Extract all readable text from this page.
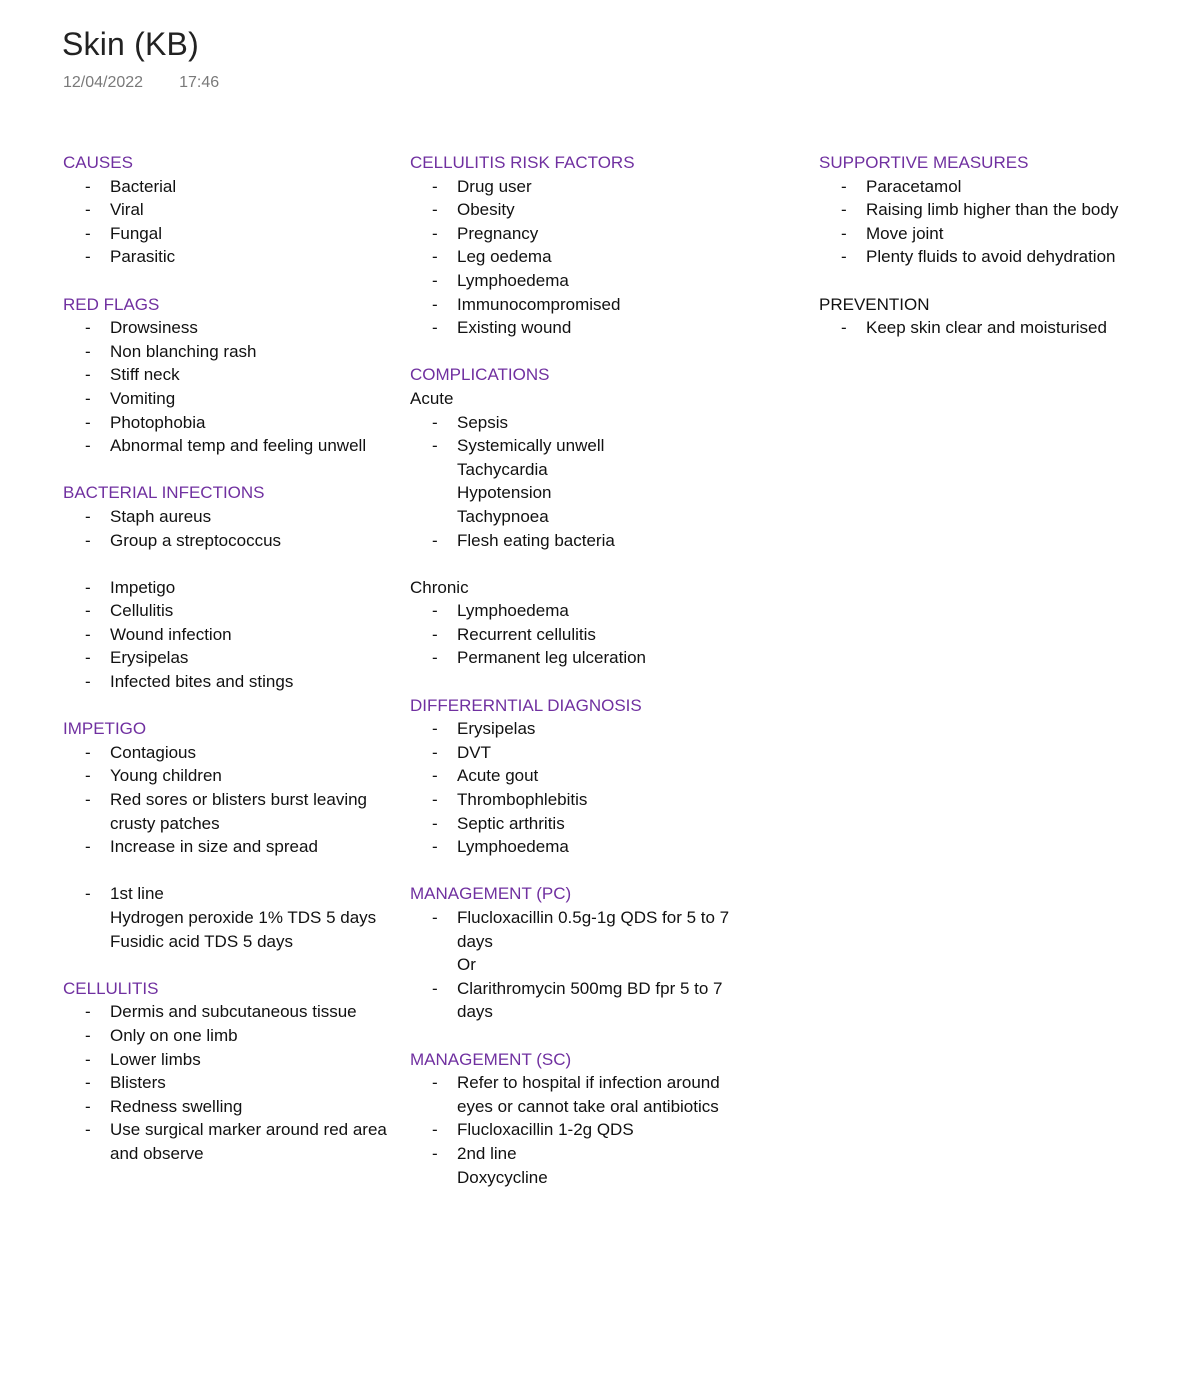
Skin (KB)
12/04/2022 17:46
CAUSES
- Bacterial
- Viral
- Fungal
- Parasitic
RED FLAGS
- Drowsiness
- Non blanching rash
- Stiff neck
- Vomiting
- Photophobia
- Abnormal temp and feeling unwell
BACTERIAL INFECTIONS
- Staph aureus
- Group a streptococcus
- Impetigo
- Cellulitis
- Wound infection
- Erysipelas
- Infected bites and stings
IMPETIGO
- Contagious
- Young children
- Red sores or blisters burst leaving crusty patches
- Increase in size and spread
- 1st line
Hydrogen peroxide 1% TDS 5 days
Fusidic acid TDS 5 days
CELLULITIS
- Dermis and subcutaneous tissue
- Only on one limb
- Lower limbs
- Blisters
- Redness swelling
- Use surgical marker around red area and observe
CELLULITIS RISK FACTORS
- Drug user
- Obesity
- Pregnancy
- Leg oedema
- Lymphoedema
- Immunocompromised
- Existing wound
COMPLICATIONS
Acute
- Sepsis
- Systemically unwell
Tachycardia
Hypotension
Tachypnoea
- Flesh eating bacteria
Chronic
- Lymphoedema
- Recurrent cellulitis
- Permanent leg ulceration
DIFFERERNTIAL DIAGNOSIS
- Erysipelas
- DVT
- Acute gout
- Thrombophlebitis
- Septic arthritis
- Lymphoedema
MANAGEMENT (PC)
- Flucloxacillin 0.5g-1g QDS for 5 to 7 days
Or
- Clarithromycin 500mg BD fpr 5 to 7 days
MANAGEMENT (SC)
- Refer to hospital if infection around eyes or cannot take oral antibiotics
- Flucloxacillin 1-2g QDS
- 2nd line
Doxycycline
SUPPORTIVE MEASURES
- Paracetamol
- Raising limb higher than the body
- Move joint
- Plenty fluids to avoid dehydration
PREVENTION
- Keep skin clear and moisturised
